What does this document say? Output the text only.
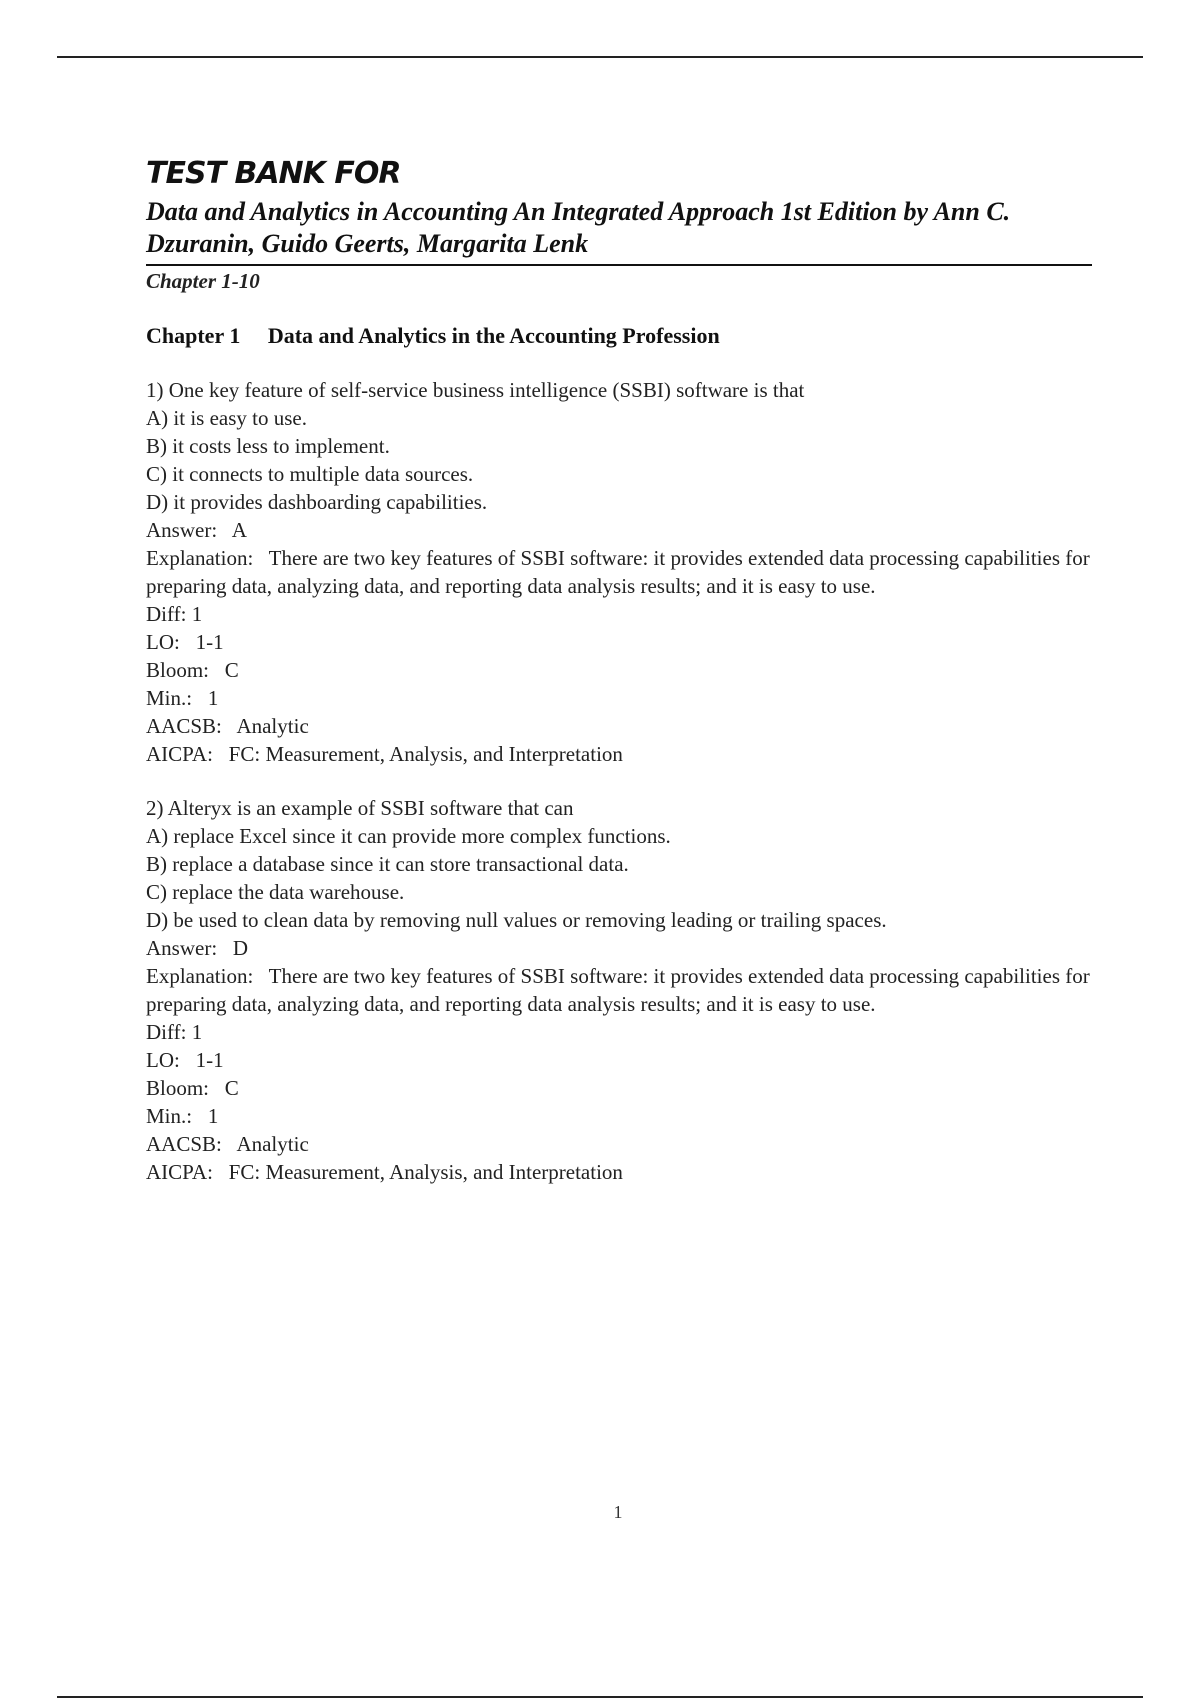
TEST BANK FOR
Data and Analytics in Accounting An Integrated Approach 1st Edition by Ann C. Dzuranin, Guido Geerts, Margarita Lenk
Chapter 1-10
Chapter 1     Data and Analytics in the Accounting Profession
1) One key feature of self-service business intelligence (SSBI) software is that
A) it is easy to use.
B) it costs less to implement.
C) it connects to multiple data sources.
D) it provides dashboarding capabilities.
Answer:   A
Explanation:   There are two key features of SSBI software: it provides extended data processing capabilities for preparing data, analyzing data, and reporting data analysis results; and it is easy to use.
Diff: 1
LO:   1-1
Bloom:   C
Min.:   1
AACSB:   Analytic
AICPA:   FC: Measurement, Analysis, and Interpretation
2) Alteryx is an example of SSBI software that can
A) replace Excel since it can provide more complex functions.
B) replace a database since it can store transactional data.
C) replace the data warehouse.
D) be used to clean data by removing null values or removing leading or trailing spaces.
Answer:   D
Explanation:   There are two key features of SSBI software: it provides extended data processing capabilities for preparing data, analyzing data, and reporting data analysis results; and it is easy to use.
Diff: 1
LO:   1-1
Bloom:   C
Min.:   1
AACSB:   Analytic
AICPA:   FC: Measurement, Analysis, and Interpretation
1
